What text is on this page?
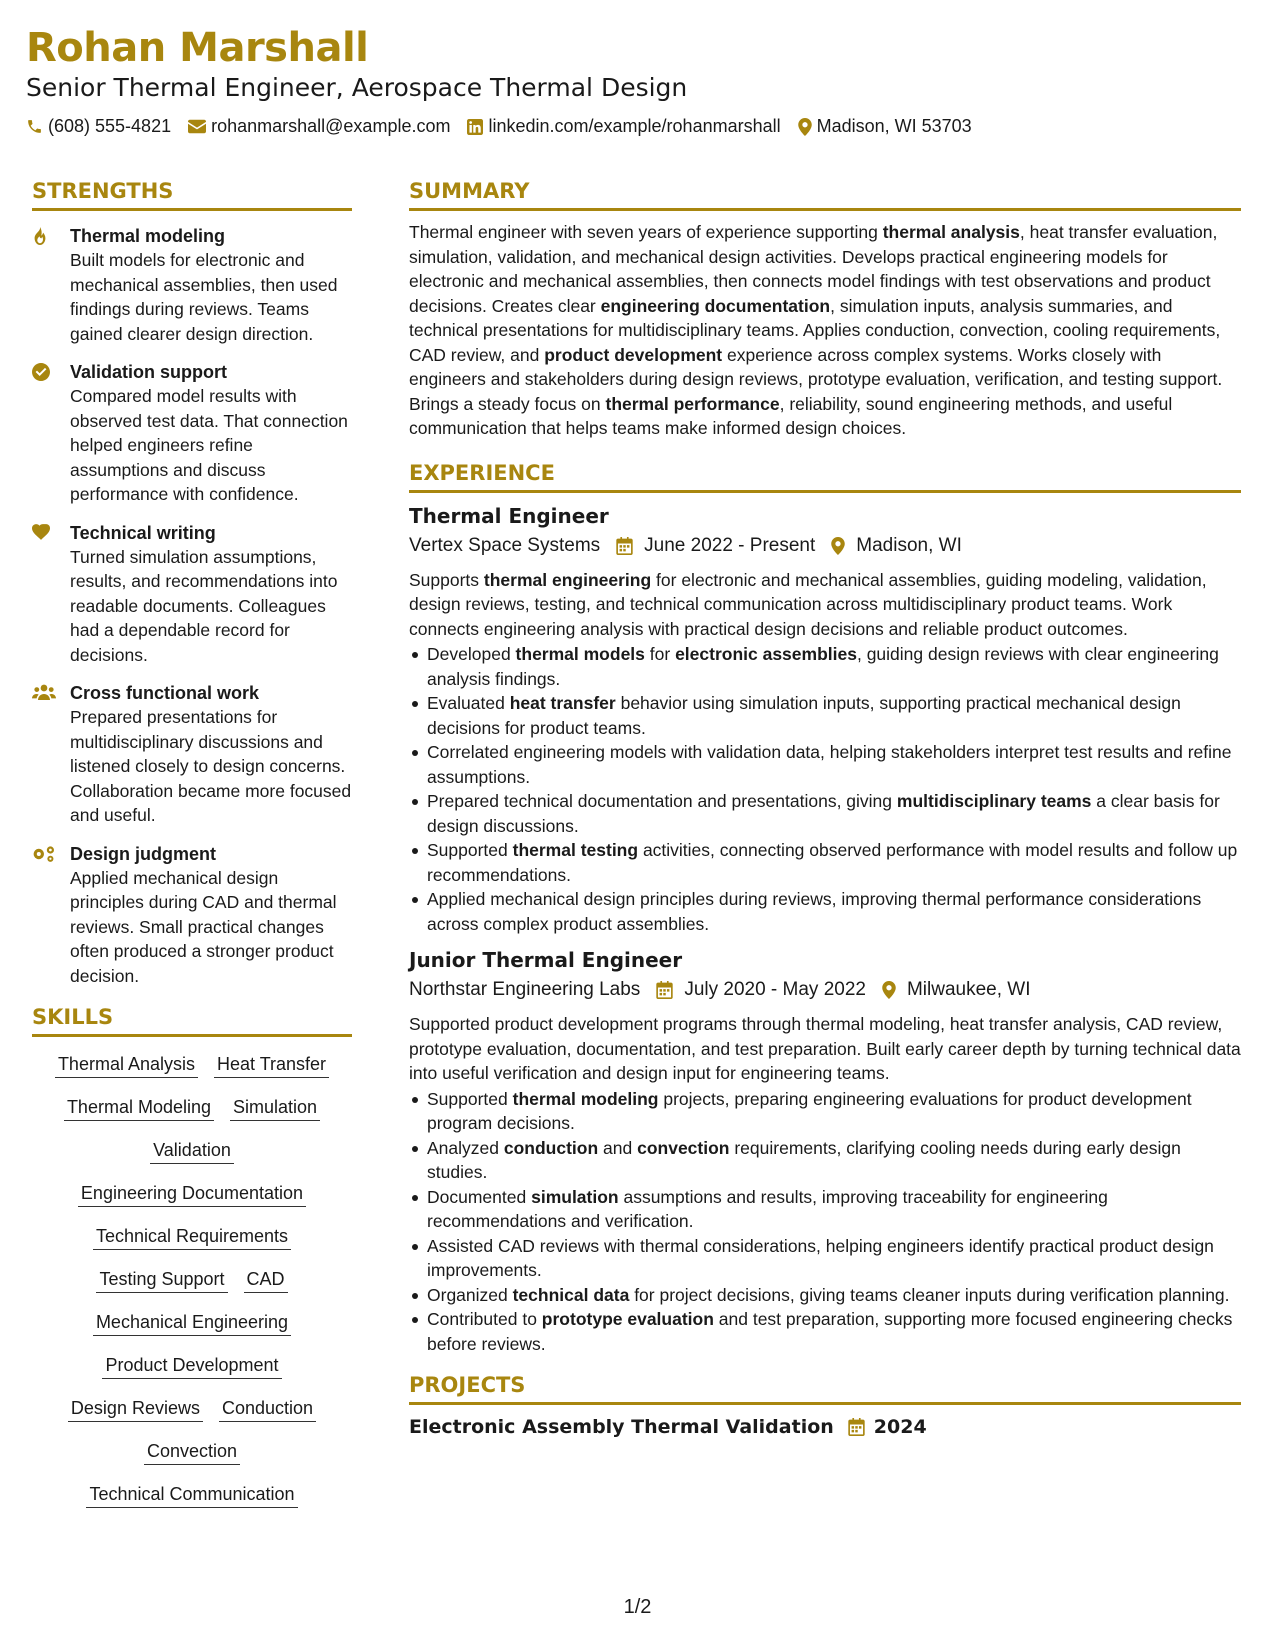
Rohan Marshall
Senior Thermal Engineer, Aerospace Thermal Design
(608) 555-4821 rohanmarshall@example.com linkedin.com/example/rohanmarshall Madison, WI 53703
STRENGTHS
Thermal modeling
Built models for electronic and mechanical assemblies, then used findings during reviews. Teams gained clearer design direction.
Validation support
Compared model results with observed test data. That connection helped engineers refine assumptions and discuss performance with confidence.
Technical writing
Turned simulation assumptions, results, and recommendations into readable documents. Colleagues had a dependable record for decisions.
Cross functional work
Prepared presentations for multidisciplinary discussions and listened closely to design concerns. Collaboration became more focused and useful.
Design judgment
Applied mechanical design principles during CAD and thermal reviews. Small practical changes often produced a stronger product decision.
SKILLS
Thermal Analysis Heat Transfer
Thermal Modeling Simulation
Validation
Engineering Documentation
Technical Requirements
Testing Support CAD
Mechanical Engineering
Product Development
Design Reviews Conduction
Convection
Technical Communication
SUMMARY
Thermal engineer with seven years of experience supporting thermal analysis, heat transfer evaluation, simulation, validation, and mechanical design activities. Develops practical engineering models for electronic and mechanical assemblies, then connects model findings with test observations and product decisions. Creates clear engineering documentation, simulation inputs, analysis summaries, and technical presentations for multidisciplinary teams. Applies conduction, convection, cooling requirements, CAD review, and product development experience across complex systems. Works closely with engineers and stakeholders during design reviews, prototype evaluation, verification, and testing support. Brings a steady focus on thermal performance, reliability, sound engineering methods, and useful communication that helps teams make informed design choices.
EXPERIENCE
Thermal Engineer
Vertex Space Systems June 2022 - Present Madison, WI
Supports thermal engineering for electronic and mechanical assemblies, guiding modeling, validation, design reviews, testing, and technical communication across multidisciplinary product teams. Work connects engineering analysis with practical design decisions and reliable product outcomes.
Developed thermal models for electronic assemblies, guiding design reviews with clear engineering analysis findings.
Evaluated heat transfer behavior using simulation inputs, supporting practical mechanical design decisions for product teams.
Correlated engineering models with validation data, helping stakeholders interpret test results and refine assumptions.
Prepared technical documentation and presentations, giving multidisciplinary teams a clear basis for design discussions.
Supported thermal testing activities, connecting observed performance with model results and follow up recommendations.
Applied mechanical design principles during reviews, improving thermal performance considerations across complex product assemblies.
Junior Thermal Engineer
Northstar Engineering Labs July 2020 - May 2022 Milwaukee, WI
Supported product development programs through thermal modeling, heat transfer analysis, CAD review, prototype evaluation, documentation, and test preparation. Built early career depth by turning technical data into useful verification and design input for engineering teams.
Supported thermal modeling projects, preparing engineering evaluations for product development program decisions.
Analyzed conduction and convection requirements, clarifying cooling needs during early design studies.
Documented simulation assumptions and results, improving traceability for engineering recommendations and verification.
Assisted CAD reviews with thermal considerations, helping engineers identify practical product design improvements.
Organized technical data for project decisions, giving teams cleaner inputs during verification planning.
Contributed to prototype evaluation and test preparation, supporting more focused engineering checks before reviews.
PROJECTS
Electronic Assembly Thermal Validation 2024
1/2
